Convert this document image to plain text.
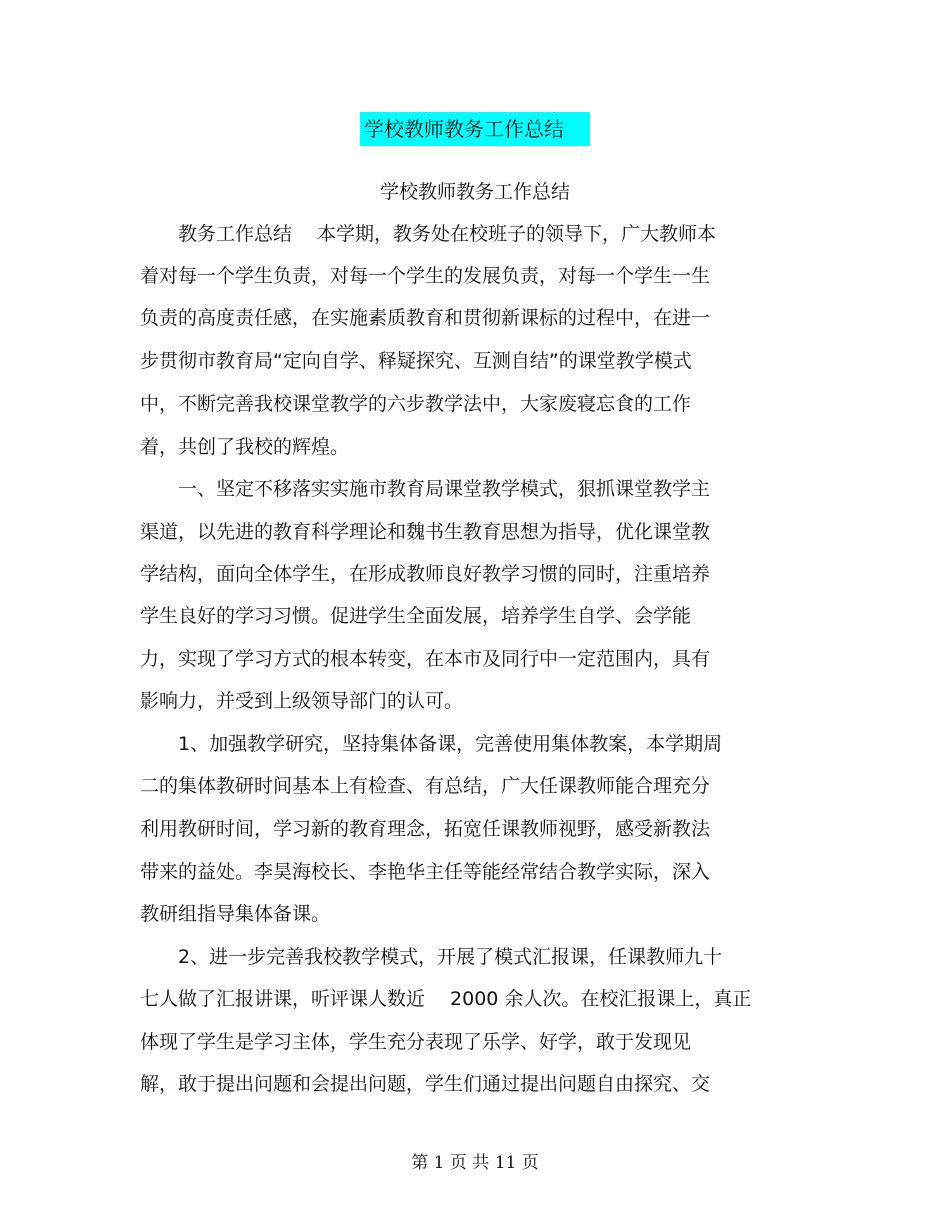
学校教师教务工作总结
学校教师教务工作总结
　　教务工作总结　 本学期，教务处在校班子的领导下，广大教师本
着对每一个学生负责，对每一个学生的发展负责，对每一个学生一生
负责的高度责任感，在实施素质教育和贯彻新课标的过程中，在进一
步贯彻市教育局“定向自学、释疑探究、互测自结”的课堂教学模式
中，不断完善我校课堂教学的六步教学法中，大家废寝忘食的工作
着，共创了我校的辉煌。
　　一、坚定不移落实实施市教育局课堂教学模式，狠抓课堂教学主
渠道，以先进的教育科学理论和魏书生教育思想为指导，优化课堂教
学结构，面向全体学生，在形成教师良好教学习惯的同时，注重培养
学生良好的学习习惯。促进学生全面发展，培养学生自学、会学能
力，实现了学习方式的根本转变，在本市及同行中一定范围内，具有
影响力，并受到上级领导部门的认可。
　　1、加强教学研究，坚持集体备课，完善使用集体教案，本学期周
二的集体教研时间基本上有检查、有总结，广大任课教师能合理充分
利用教研时间，学习新的教育理念，拓宽任课教师视野，感受新教法
带来的益处。李昊海校长、李艳华主任等能经常结合教学实际，深入
教研组指导集体备课。
　　2、进一步完善我校教学模式，开展了模式汇报课，任课教师九十
七人做了汇报讲课，听评课人数近　 2000 余人次。在校汇报课上，真正
体现了学生是学习主体，学生充分表现了乐学、好学，敢于发现见
解，敢于提出问题和会提出问题，学生们通过提出问题自由探究、交
第 1 页 共 11 页
